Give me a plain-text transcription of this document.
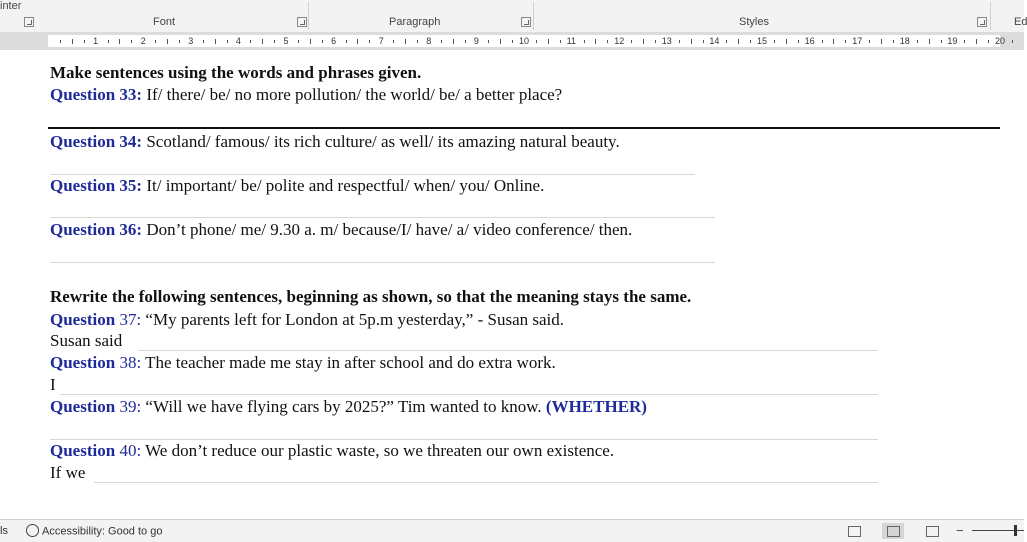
inter
Font	Paragraph	Styles	Ed
1	2	3	4	5	6	7	8	9	10	11	12	13	14	15	16	17	18	19	20
Make sentences using the words and phrases given.
Question 33: If/ there/ be/ no more pollution/ the world/ be/ a better place?
Question 34: Scotland/ famous/ its rich culture/ as well/ its amazing natural beauty.
Question 35: It/ important/ be/ polite and respectful/ when/ you/ Online.
Question 36: Don’t phone/ me/ 9.30 a. m/ because/I/ have/ a/ video conference/ then.
Rewrite the following sentences, beginning as shown, so that the meaning stays the same.
Question 37: “My parents left for London at 5p.m yesterday,” - Susan said.
Susan said
Question 38: The teacher made me stay in after school and do extra work.
I
Question 39: “Will we have flying cars by 2025?” Tim wanted to know. (WHETHER)
Question 40: We don’t reduce our plastic waste, so we threaten our own existence.
If we
ls	Accessibility: Good to go	−
